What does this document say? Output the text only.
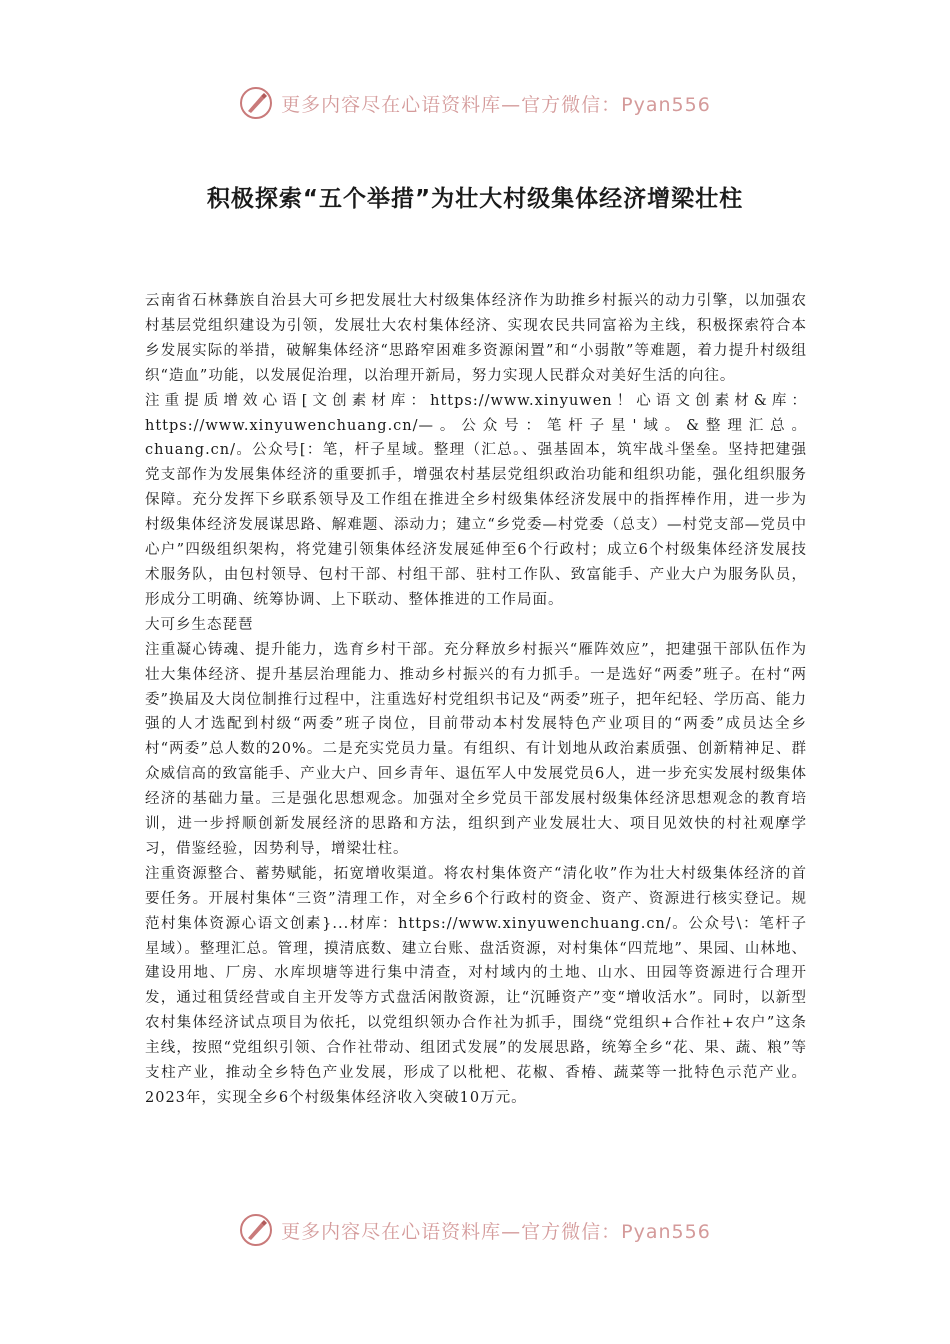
更多内容尽在心语资料库—官方微信：Pyan556
积极探索“五个举措”为壮大村级集体经济增梁壮柱

云南省石林彝族自治县大可乡把发展壮大村级集体经济作为助推乡村振兴的动力引擎，以加强农村基层党组织建设为引领，发展壮大农村集体经济、实现农民共同富裕为主线，积极探索符合本乡发展实际的举措，破解集体经济“思路窄困难多资源闲置”和“小弱散”等难题，着力提升村级组织“造血”功能，以发展促治理，以治理开新局，努力实现人民群众对美好生活的向往。

注重提质增效心语[文创素材库：https://www.xinyuwen！心语文创素材&库：https://www.xinyuwenchuang.cn/—。公众号：笔杆子星'域。&整理汇总。chuang.cn/。公众号[：笔，杆子星域。整理（汇总。、强基固本，筑牢战斗堡垒。坚持把建强党支部作为发展集体经济的重要抓手，增强农村基层党组织政治功能和组织功能，强化组织服务保障。充分发挥下乡联系领导及工作组在推进全乡村级集体经济发展中的指挥棒作用，进一步为村级集体经济发展谋思路、解难题、添动力；建立“乡党委—村党委（总支）—村党支部—党员中心户”四级组织架构，将党建引领集体经济发展延伸至6个行政村；成立6个村级集体经济发展技术服务队，由包村领导、包村干部、村组干部、驻村工作队、致富能手、产业大户为服务队员，形成分工明确、统筹协调、上下联动、整体推进的工作局面。

大可乡生态琵琶

注重凝心铸魂、提升能力，选育乡村干部。充分释放乡村振兴“雁阵效应”，把建强干部队伍作为壮大集体经济、提升基层治理能力、推动乡村振兴的有力抓手。一是选好“两委”班子。在村“两委”换届及大岗位制推行过程中，注重选好村党组织书记及“两委”班子，把年纪轻、学历高、能力强的人才选配到村级“两委”班子岗位，目前带动本村发展特色产业项目的“两委”成员达全乡村“两委”总人数的20%。二是充实党员力量。有组织、有计划地从政治素质强、创新精神足、群众威信高的致富能手、产业大户、回乡青年、退伍军人中发展党员6人，进一步充实发展村级集体经济的基础力量。三是强化思想观念。加强对全乡党员干部发展村级集体经济思想观念的教育培训，进一步捋顺创新发展经济的思路和方法，组织到产业发展壮大、项目见效快的村社观摩学习，借鉴经验，因势利导，增梁壮柱。

注重资源整合、蓄势赋能，拓宽增收渠道。将农村集体资产“清化收”作为壮大村级集体经济的首要任务。开展村集体“三资”清理工作，对全乡6个行政村的资金、资产、资源进行核实登记。规范村集体资源心语文创素}...材库：https://www.xinyuwenchuang.cn/。公众号\：笔杆子星域）。整理汇总。管理，摸清底数、建立台账、盘活资源，对村集体“四荒地”、果园、山林地、建设用地、厂房、水库坝塘等进行集中清查，对村域内的土地、山水、田园等资源进行合理开发，通过租赁经营或自主开发等方式盘活闲散资源，让“沉睡资产”变“增收活水”。同时，以新型农村集体经济试点项目为依托，以党组织领办合作社为抓手，围绕“党组织+合作社+农户”这条主线，按照“党组织引领、合作社带动、组团式发展”的发展思路，统筹全乡“花、果、蔬、粮”等支柱产业，推动全乡特色产业发展，形成了以枇杷、花椒、香椿、蔬菜等一批特色示范产业。2023年，实现全乡6个村级集体经济收入突破10万元。

更多内容尽在心语资料库—官方微信：Pyan556
